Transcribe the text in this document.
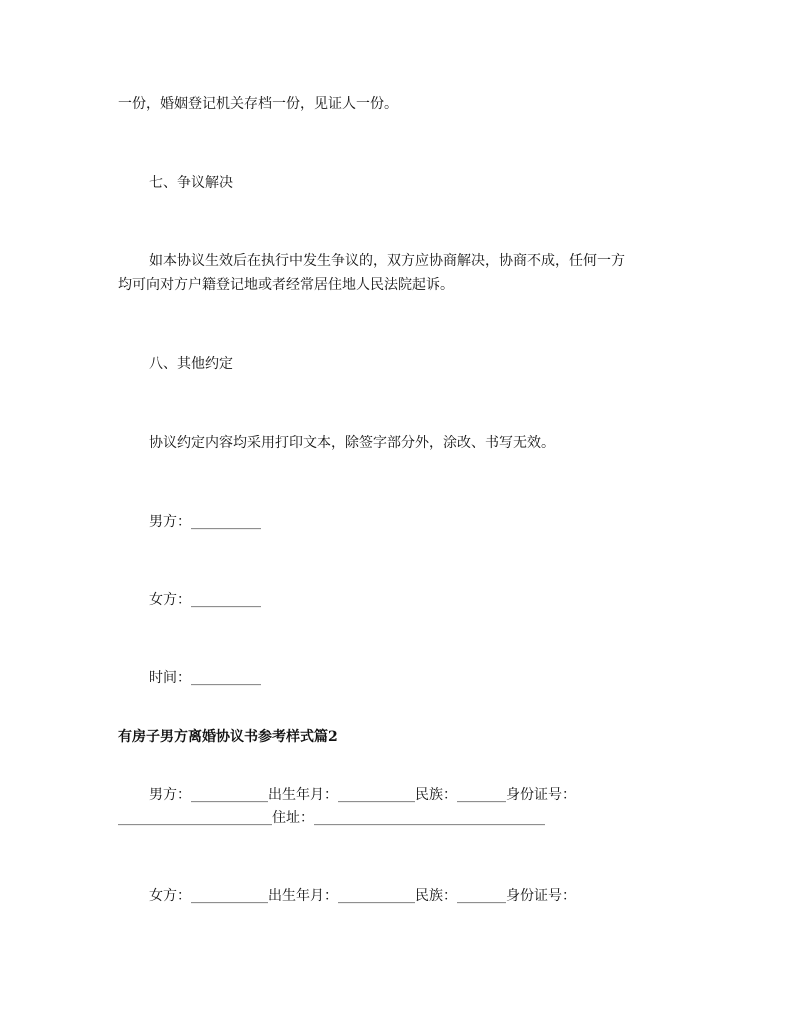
一份，婚姻登记机关存档一份，见证人一份。
七、争议解决
如本协议生效后在执行中发生争议的，双方应协商解决，协商不成，任何一方
均可向对方户籍登记地或者经常居住地人民法院起诉。
八、其他约定
协议约定内容均采用打印文本，除签字部分外，涂改、书写无效。
男方：__________
女方：__________
时间：__________
有房子男方离婚协议书参考样式篇2
男方：___________出生年月：___________民族：_______身份证号：
______________________住址：_________________________________
女方：___________出生年月：___________民族：_______身份证号：
